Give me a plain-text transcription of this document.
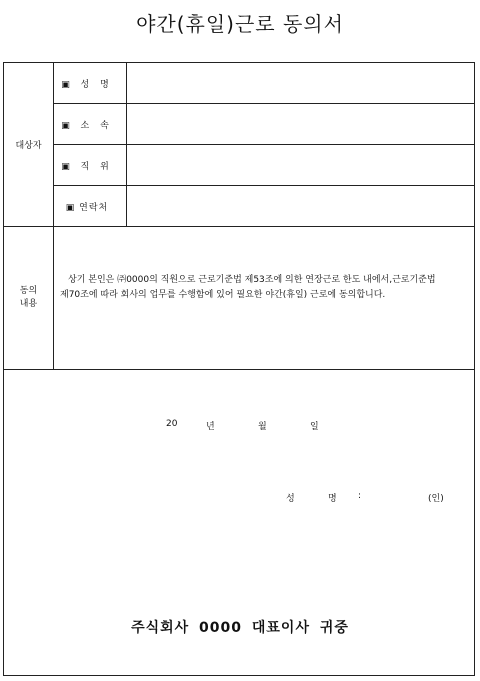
야간(휴일)근로 동의서
대상자
▣ 성 명
▣ 소 속
▣ 직 위
▣ 연락처
동의
내용
상기 본인은 ㈜0000의 직원으로 근로기준법 제53조에 의한 연장근로 한도 내에서,근로기준법 제70조에 따라 회사의 업무를 수행함에 있어 필요한 야간(휴일) 근로에 동의합니다.
20	년	월	일
성	명 :	(인)
주식회사 0000 대표이사 귀중
